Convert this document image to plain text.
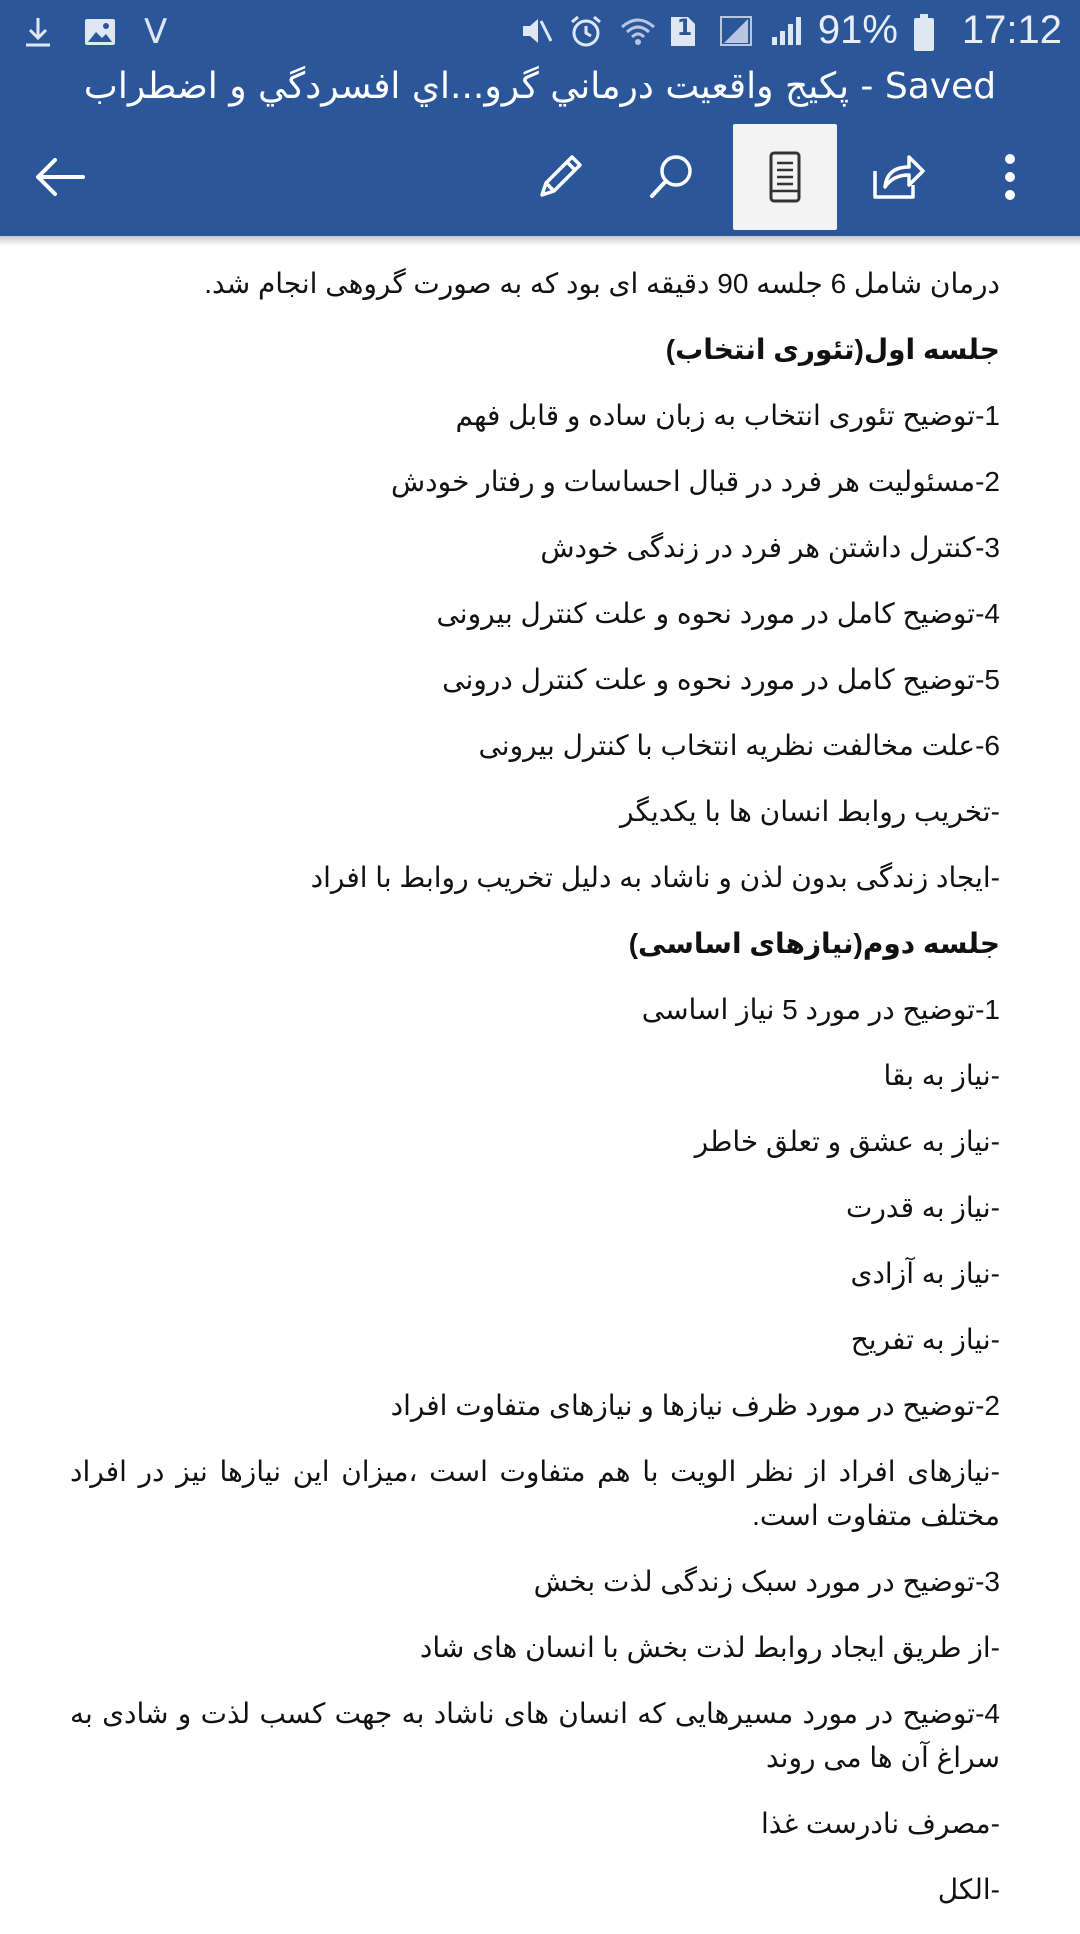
V	1	91% 17:12
پكيج واقعيت درماني گرو...اي افسردگي و اضطراب - Saved

درمان شامل 6 جلسه 90 دقیقه ای بود که به صورت گروهی انجام شد.

جلسه اول(تئوری انتخاب)

1-توضیح تئوری انتخاب به زبان ساده و قابل فهم

2-مسئولیت هر فرد در قبال احساسات و رفتار خودش

3-کنترل داشتن هر فرد در زندگی خودش

4-توضیح کامل در مورد نحوه و علت کنترل بیرونی

5-توضیح کامل در مورد نحوه و علت کنترل درونی

6-علت مخالفت نظریه انتخاب با کنترل بیرونی

-تخریب روابط انسان ها با یکدیگر

-ایجاد زندگی بدون لذن و ناشاد به دلیل تخریب روابط با افراد

جلسه دوم(نیازهای اساسی)

1-توضیح در مورد 5 نیاز اساسی

-نیاز به بقا

-نیاز به عشق و تعلق خاطر

-نیاز به قدرت

-نیاز به آزادی

-نیاز به تفریح

2-توضیح در مورد ظرف نیازها و نیازهای متفاوت افراد

-نیازهای افراد از نظر الویت با هم متفاوت است ،میزان این نیازها نیز در افراد مختلف متفاوت است.

3-توضیح در مورد سبک زندگی لذت بخش

-از طریق ایجاد روابط لذت بخش با انسان های شاد

4-توضیح در مورد مسیرهایی که انسان های ناشاد به جهت کسب لذت و شادی به سراغ آن ها می روند

-مصرف نادرست غذا

-الکل
